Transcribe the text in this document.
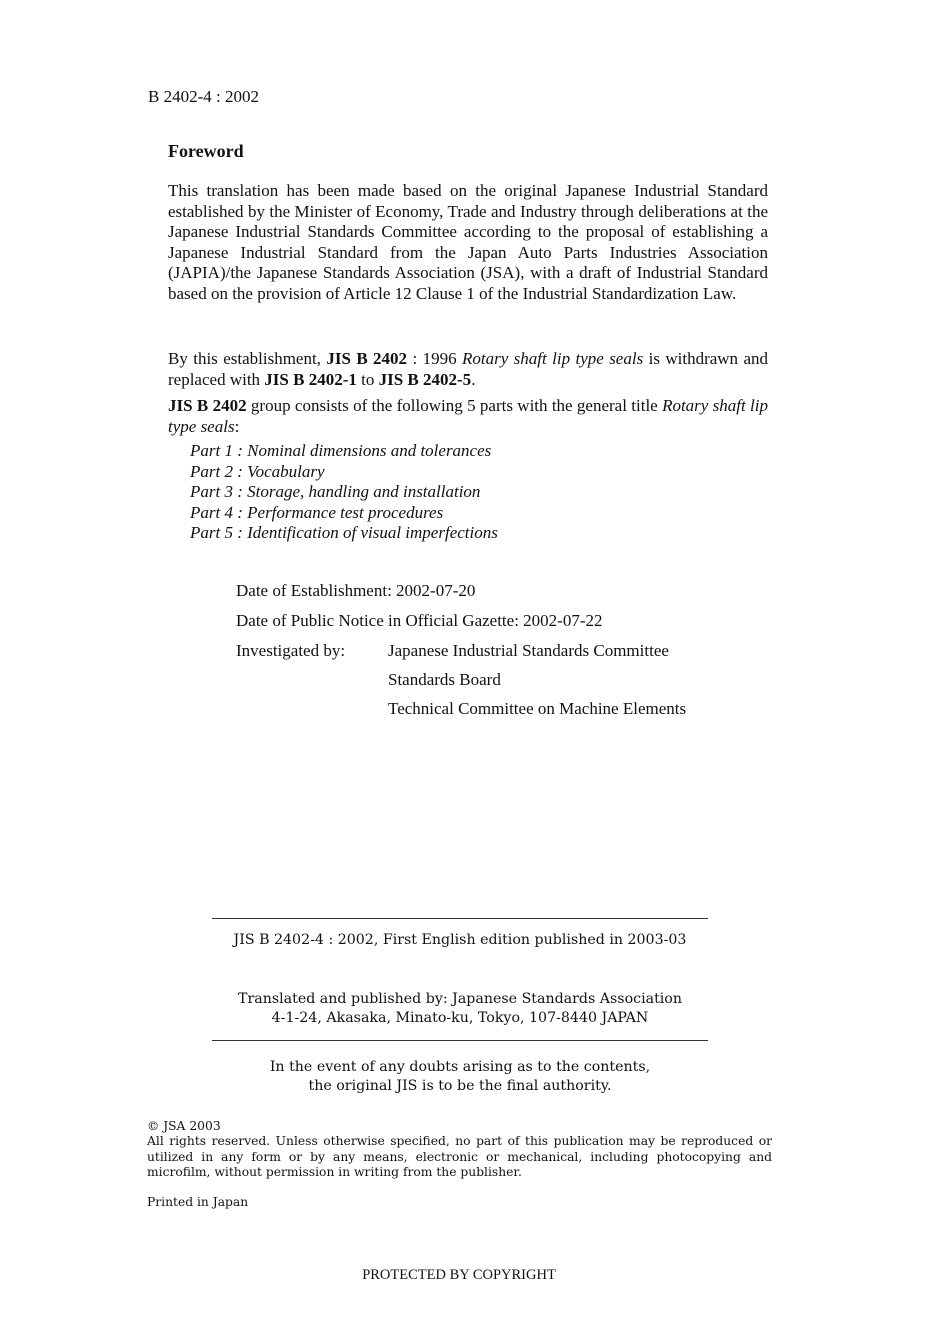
B 2402-4 : 2002
Foreword
This translation has been made based on the original Japanese Industrial Standard established by the Minister of Economy, Trade and Industry through deliberations at the Japanese Industrial Standards Committee according to the proposal of establishing a Japanese Industrial Standard from the Japan Auto Parts Industries Association (JAPIA)/the Japanese Standards Association (JSA), with a draft of Industrial Standard based on the provision of Article 12 Clause 1 of the Industrial Standardization Law.
By this establishment, JIS B 2402 : 1996 Rotary shaft lip type seals is withdrawn and replaced with JIS B 2402-1 to JIS B 2402-5.
JIS B 2402 group consists of the following 5 parts with the general title Rotary shaft lip type seals:
Part 1 : Nominal dimensions and tolerances
Part 2 : Vocabulary
Part 3 : Storage, handling and installation
Part 4 : Performance test procedures
Part 5 : Identification of visual imperfections
Date of Establishment: 2002-07-20
Date of Public Notice in Official Gazette: 2002-07-22
Investigated by:	Japanese Industrial Standards Committee
Standards Board
Technical Committee on Machine Elements
JIS B 2402-4 : 2002, First English edition published in 2003-03
Translated and published by: Japanese Standards Association
4-1-24, Akasaka, Minato-ku, Tokyo, 107-8440 JAPAN
In the event of any doubts arising as to the contents,
the original JIS is to be the final authority.
© JSA 2003
All rights reserved. Unless otherwise specified, no part of this publication may be reproduced or utilized in any form or by any means, electronic or mechanical, including photocopying and microfilm, without permission in writing from the publisher.
Printed in Japan
PROTECTED BY COPYRIGHT
